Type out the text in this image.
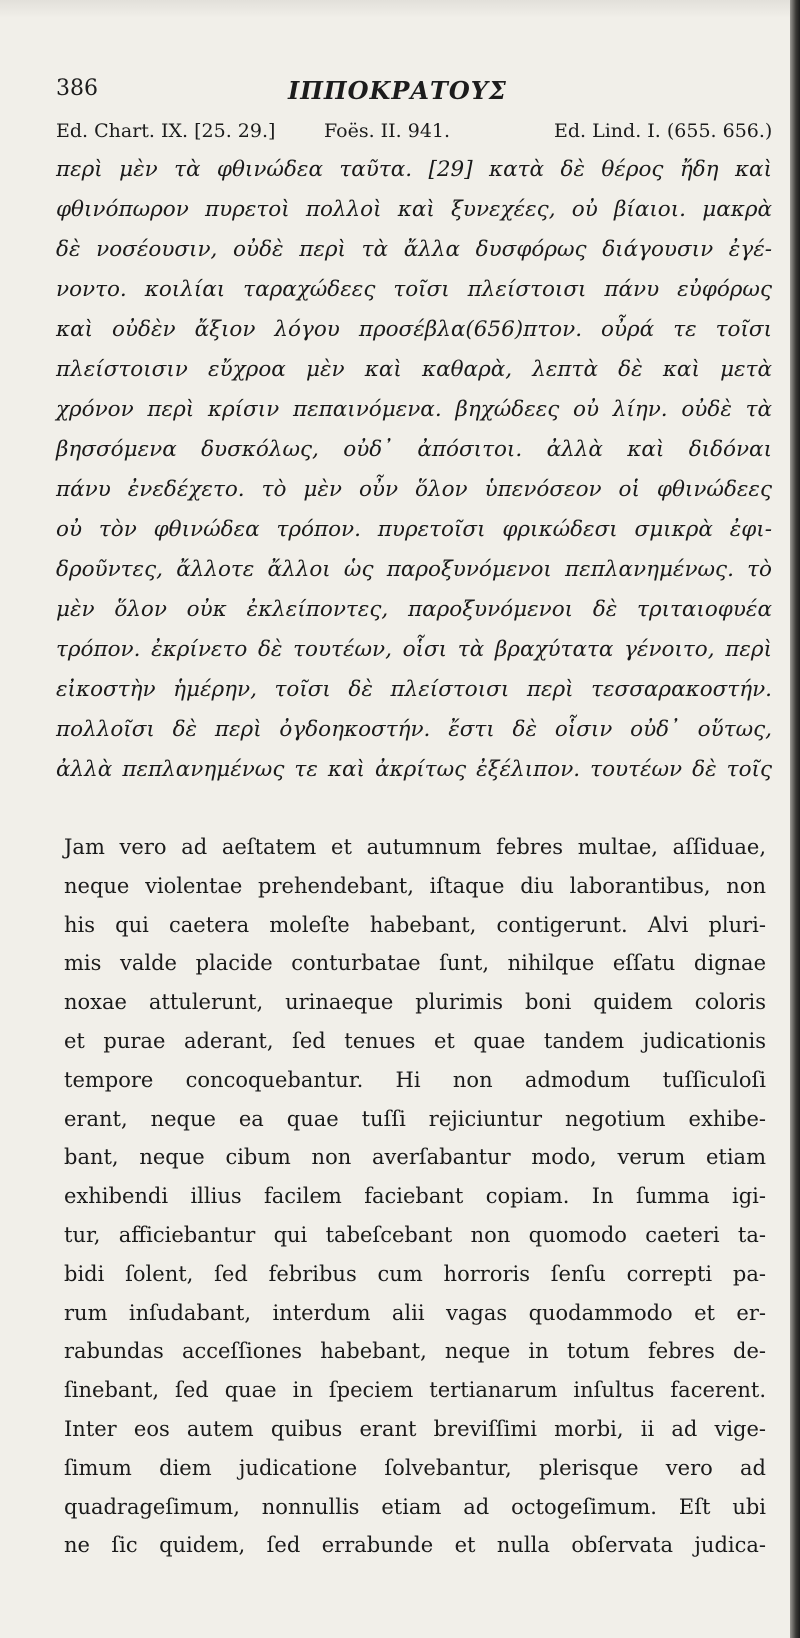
386	ΙΠΠΟΚΡΑΤΟΥΣ
Ed. Chart. IX. [25. 29.]	Foës. II. 941.	Ed. Lind. I. (655. 656.)
περὶ μὲν τὰ φθινώδεα ταῦτα. [29] κατὰ δὲ θέρος ἤδη καὶ
φθινόπωρον πυρετοὶ πολλοὶ καὶ ξυνεχέες, οὐ βίαιοι. μακρὰ
δὲ νοσέουσιν, οὐδὲ περὶ τὰ ἄλλα δυσφόρως διάγουσιν ἐγέ-
νοντο. κοιλίαι ταραχώδεες τοῖσι πλείστοισι πάνυ εὐφόρως
καὶ οὐδὲν ἄξιον λόγου προσέβλα(656)πτον. οὖρά τε τοῖσι
πλείστοισιν εὔχροα μὲν καὶ καθαρὰ, λεπτὰ δὲ καὶ μετὰ
χρόνον περὶ κρίσιν πεπαινόμενα. βηχώδεες οὐ λίην. οὐδὲ τὰ
βησσόμενα δυσκόλως, οὐδ᾽ ἀπόσιτοι. ἀλλὰ καὶ διδόναι
πάνυ ἐνεδέχετο. τὸ μὲν οὖν ὅλον ὑπενόσεον οἱ φθινώδεες
οὐ τὸν φθινώδεα τρόπον. πυρετοῖσι φρικώδεσι σμικρὰ ἐφι-
δροῦντες, ἄλλοτε ἄλλοι ὡς παροξυνόμενοι πεπλανημένως. τὸ
μὲν ὅλον οὐκ ἐκλείποντες, παροξυνόμενοι δὲ τριταιοφυέα
τρόπον. ἐκρίνετο δὲ τουτέων, οἷσι τὰ βραχύτατα γένοιτο, περὶ
εἰκοστὴν ἡμέρην, τοῖσι δὲ πλείστοισι περὶ τεσσαρακοστήν.
πολλοῖσι δὲ περὶ ὀγδοηκοστήν. ἔστι δὲ οἷσιν οὐδ᾽ οὕτως,
ἀλλὰ πεπλανημένως τε καὶ ἀκρίτως ἐξέλιπον. τουτέων δὲ τοῖς
Jam vero ad aeſtatem et autumnum febres multae, aſſiduae,
neque violentae prehendebant, iſtaque diu laborantibus, non
his qui caetera moleſte habebant, contigerunt. Alvi pluri-
mis valde placide conturbatae ſunt, nihilque eſſatu dignae
noxae attulerunt, urinaeque plurimis boni quidem coloris
et purae aderant, ſed tenues et quae tandem judicationis
tempore concoquebantur. Hi non admodum tuſſiculoſi
erant, neque ea quae tuſſi rejiciuntur negotium exhibe-
bant, neque cibum non averſabantur modo, verum etiam
exhibendi illius facilem faciebant copiam. In ſumma igi-
tur, afficiebantur qui tabeſcebant non quomodo caeteri ta-
bidi ſolent, ſed febribus cum horroris ſenſu correpti pa-
rum inſudabant, interdum alii vagas quodammodo et er-
rabundas acceſſiones habebant, neque in totum febres de-
ſinebant, ſed quae in ſpeciem tertianarum inſultus facerent.
Inter eos autem quibus erant breviſſimi morbi, ii ad vige-
ſimum diem judicatione ſolvebantur, plerisque vero ad
quadrageſimum, nonnullis etiam ad octogeſimum. Eſt ubi
ne ſic quidem, ſed errabunde et nulla obſervata judica-
